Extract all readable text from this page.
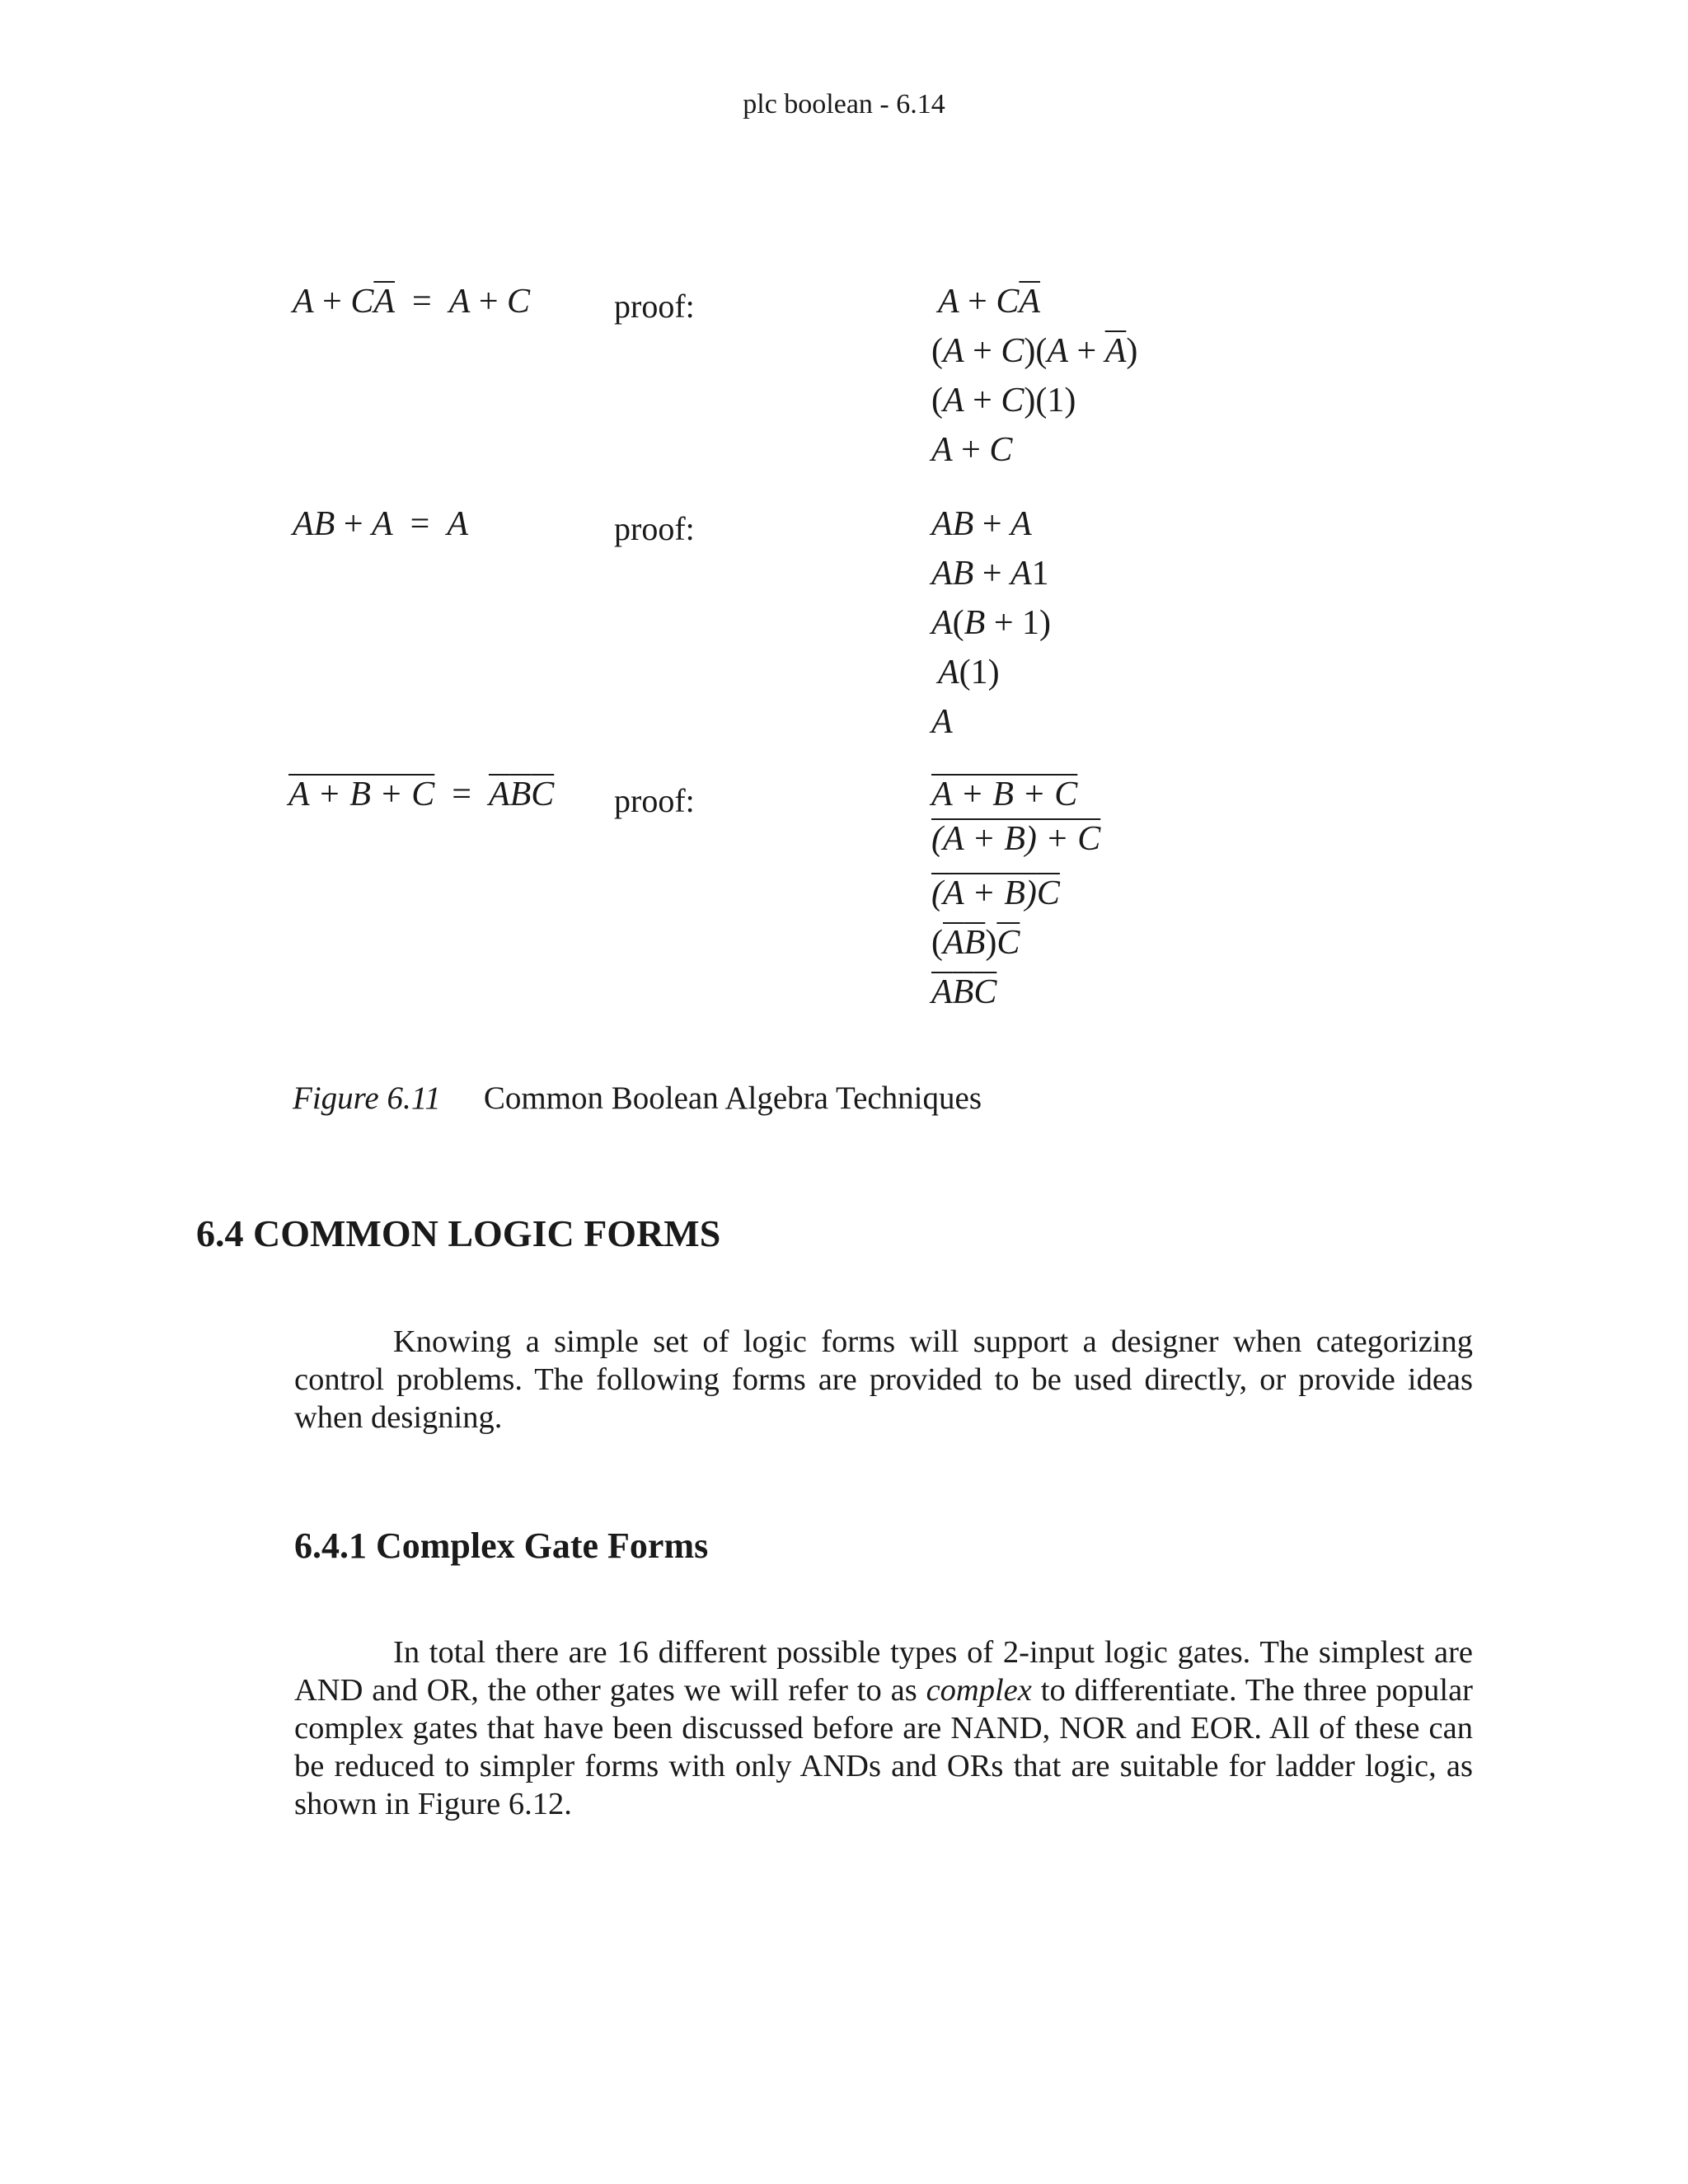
plc boolean - 6.14
$A + C\overline{A} = A + C$	proof:	$A + C\overline{A}$
$(A + C)(A + \overline{A})$
(A + C)(1)
A + C
AB + A  =  A	proof:	AB + A
AB + A1
A(B + 1)
A(1)
A
$A + B + C = \overline{A}\overline{B}\overline{C}$ proof:	A + B + C
(A + B) + C
$(A + B)\overline{C}$
$(\overline{A}\overline{B})\overline{C}$
$\overline{A}\overline{B}\overline{C}$
Figure 6.11 Common Boolean Algebra Techniques
6.4 COMMON LOGIC FORMS
Knowing a simple set of logic forms will support a designer when categorizing control problems. The following forms are provided to be used directly, or provide ideas when designing.
6.4.1 Complex Gate Forms
In total there are 16 different possible types of 2-input logic gates. The simplest are AND and OR, the other gates we will refer to as complex to differentiate. The three popular complex gates that have been discussed before are NAND, NOR and EOR. All of these can be reduced to simpler forms with only ANDs and ORs that are suitable for ladder logic, as shown in Figure 6.12.
